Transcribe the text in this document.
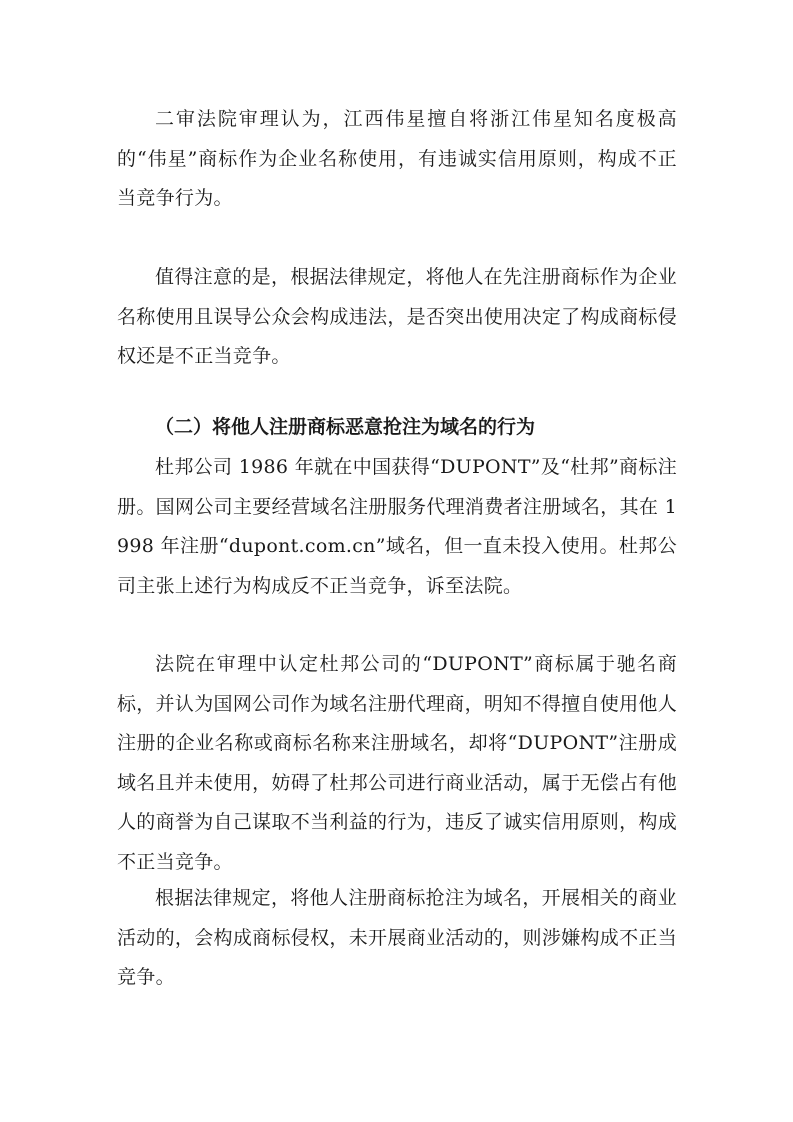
二审法院审理认为，江西伟星擅自将浙江伟星知名度极高的“伟星”商标作为企业名称使用，有违诚实信用原则，构成不正当竞争行为。

值得注意的是，根据法律规定，将他人在先注册商标作为企业名称使用且误导公众会构成违法，是否突出使用决定了构成商标侵权还是不正当竞争。

（二）将他人注册商标恶意抢注为域名的行为

杜邦公司 1986 年就在中国获得“DUPONT”及“杜邦”商标注册。国网公司主要经营域名注册服务代理消费者注册域名，其在 1998 年注册“dupont.com.cn”域名，但一直未投入使用。杜邦公司主张上述行为构成反不正当竞争，诉至法院。

法院在审理中认定杜邦公司的“DUPONT”商标属于驰名商标，并认为国网公司作为域名注册代理商，明知不得擅自使用他人注册的企业名称或商标名称来注册域名，却将“DUPONT”注册成域名且并未使用，妨碍了杜邦公司进行商业活动，属于无偿占有他人的商誉为自己谋取不当利益的行为，违反了诚实信用原则，构成不正当竞争。

根据法律规定，将他人注册商标抢注为域名，开展相关的商业活动的，会构成商标侵权，未开展商业活动的，则涉嫌构成不正当竞争。
